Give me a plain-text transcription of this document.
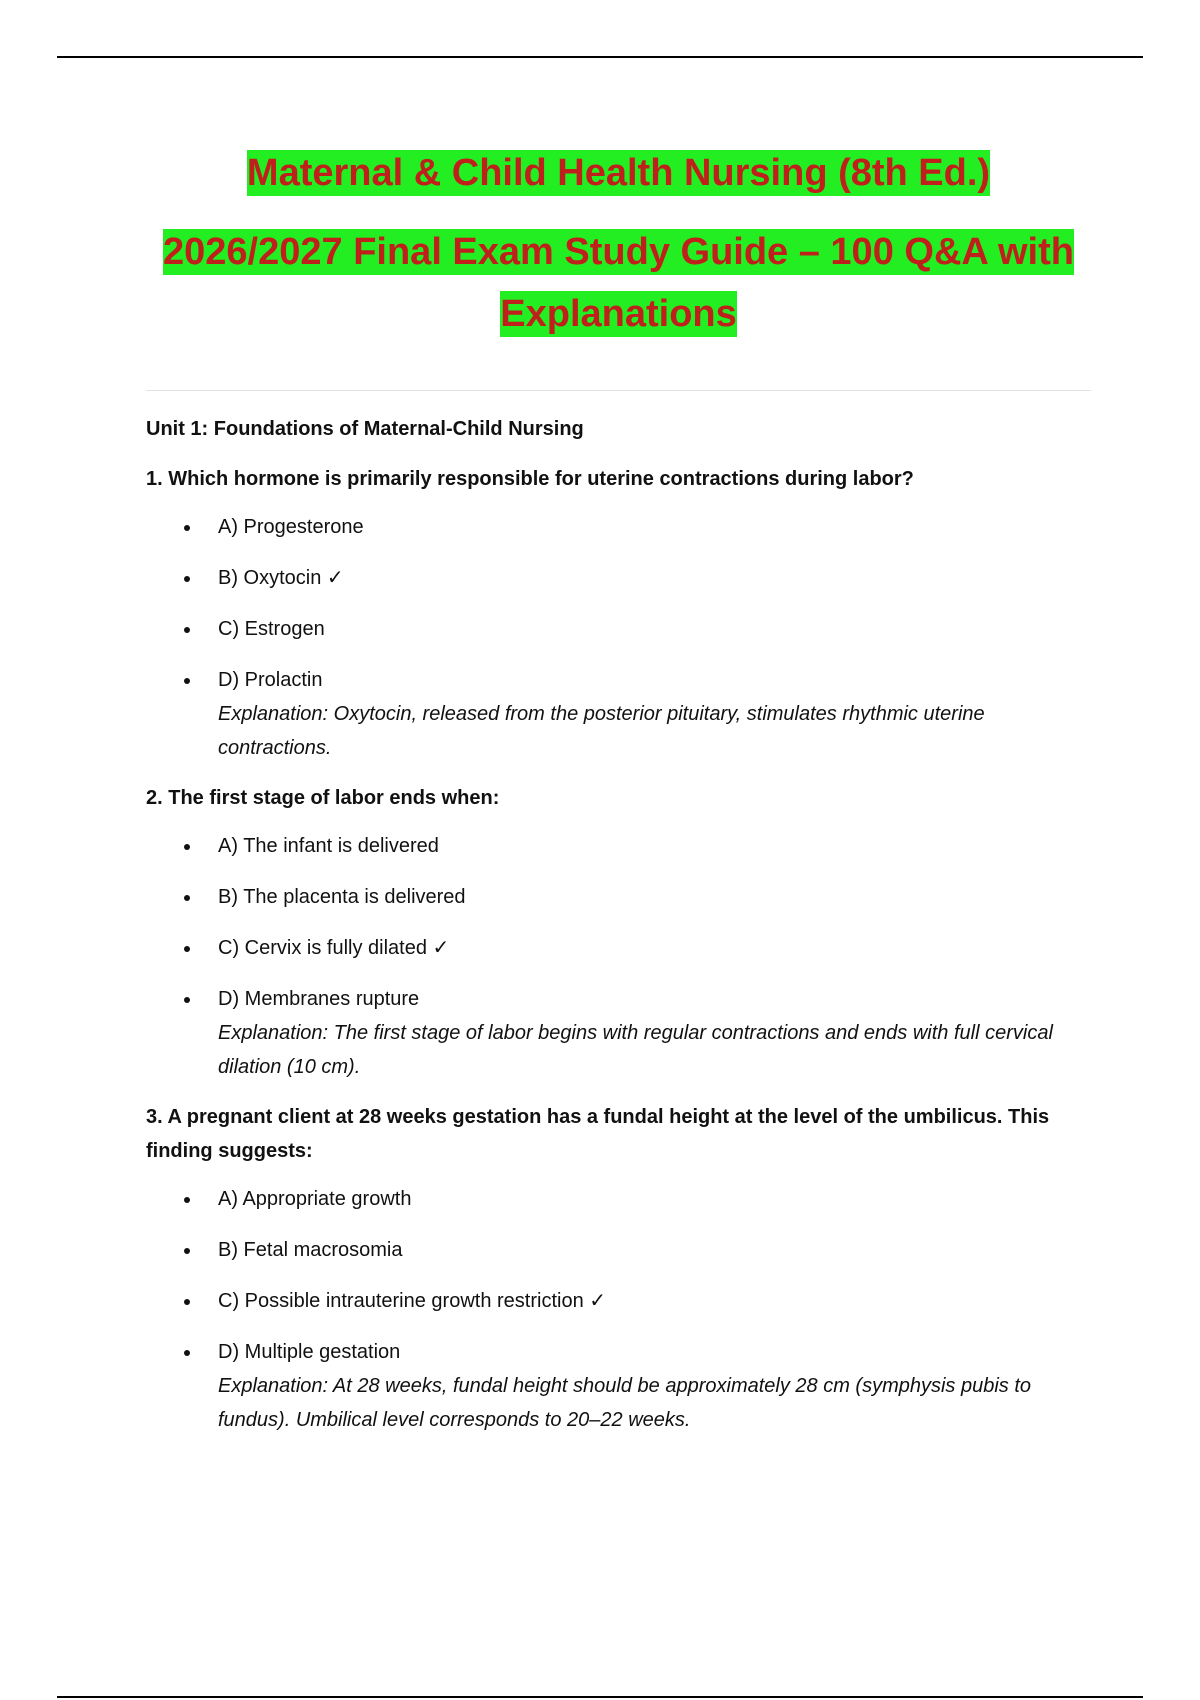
Maternal & Child Health Nursing (8th Ed.)
2026/2027 Final Exam Study Guide – 100 Q&A with
Explanations

Unit 1: Foundations of Maternal-Child Nursing

1. Which hormone is primarily responsible for uterine contractions during labor?

A) Progesterone
B) Oxytocin ✓
C) Estrogen
D) Prolactin
Explanation: Oxytocin, released from the posterior pituitary, stimulates rhythmic uterine contractions.

2. The first stage of labor ends when:

A) The infant is delivered
B) The placenta is delivered
C) Cervix is fully dilated ✓
D) Membranes rupture
Explanation: The first stage of labor begins with regular contractions and ends with full cervical dilation (10 cm).

3. A pregnant client at 28 weeks gestation has a fundal height at the level of the umbilicus. This finding suggests:

A) Appropriate growth
B) Fetal macrosomia
C) Possible intrauterine growth restriction ✓
D) Multiple gestation
Explanation: At 28 weeks, fundal height should be approximately 28 cm (symphysis pubis to fundus). Umbilical level corresponds to 20–22 weeks.
